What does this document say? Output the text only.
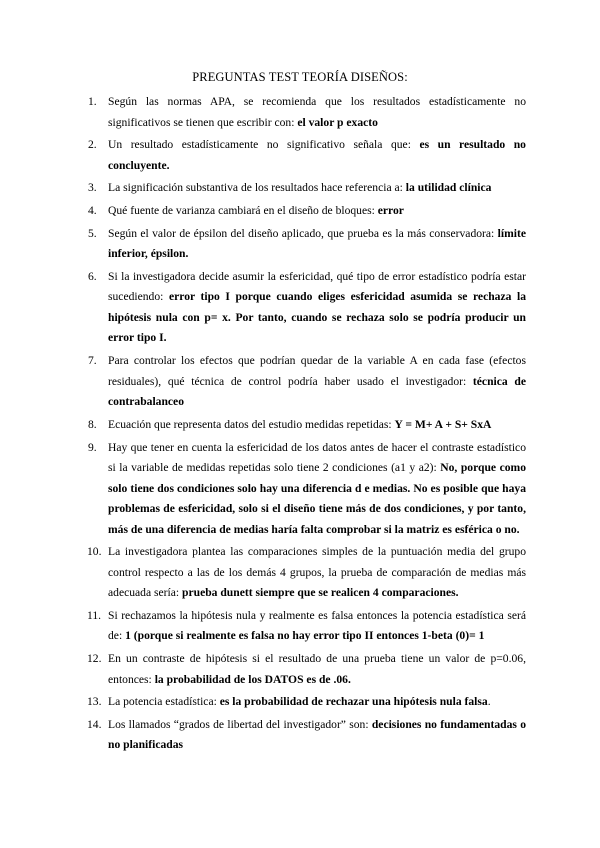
PREGUNTAS TEST TEORÍA DISEÑOS:
1. Según las normas APA, se recomienda que los resultados estadísticamente no significativos se tienen que escribir con: el valor p exacto
2. Un resultado estadísticamente no significativo señala que: es un resultado no concluyente.
3. La significación substantiva de los resultados hace referencia a: la utilidad clínica
4. Qué fuente de varianza cambiará en el diseño de bloques: error
5. Según el valor de épsilon del diseño aplicado, que prueba es la más conservadora: límite inferior, épsilon.
6. Si la investigadora decide asumir la esfericidad, qué tipo de error estadístico podría estar sucediendo: error tipo I porque cuando eliges esfericidad asumida se rechaza la hipótesis nula con p= x. Por tanto, cuando se rechaza solo se podría producir un error tipo I.
7. Para controlar los efectos que podrían quedar de la variable A en cada fase (efectos residuales), qué técnica de control podría haber usado el investigador: técnica de contrabalanceo
8. Ecuación que representa datos del estudio medidas repetidas: Y = M+ A + S+ SxA
9. Hay que tener en cuenta la esfericidad de los datos antes de hacer el contraste estadístico si la variable de medidas repetidas solo tiene 2 condiciones (a1 y a2): No, porque como solo tiene dos condiciones solo hay una diferencia d e medias. No es posible que haya problemas de esfericidad, solo si el diseño tiene más de dos condiciones, y por tanto, más de una diferencia de medias haría falta comprobar si la matriz es esférica o no.
10. La investigadora plantea las comparaciones simples de la puntuación media del grupo control respecto a las de los demás 4 grupos, la prueba de comparación de medias más adecuada sería: prueba dunett siempre que se realicen 4 comparaciones.
11. Si rechazamos la hipótesis nula y realmente es falsa entonces la potencia estadística será de: 1 (porque si realmente es falsa no hay error tipo II entonces 1-beta (0)= 1
12. En un contraste de hipótesis si el resultado de una prueba tiene un valor de p=0.06, entonces: la probabilidad de los DATOS es de .06.
13. La potencia estadística: es la probabilidad de rechazar una hipótesis nula falsa.
14. Los llamados “grados de libertad del investigador” son: decisiones no fundamentadas o no planificadas
